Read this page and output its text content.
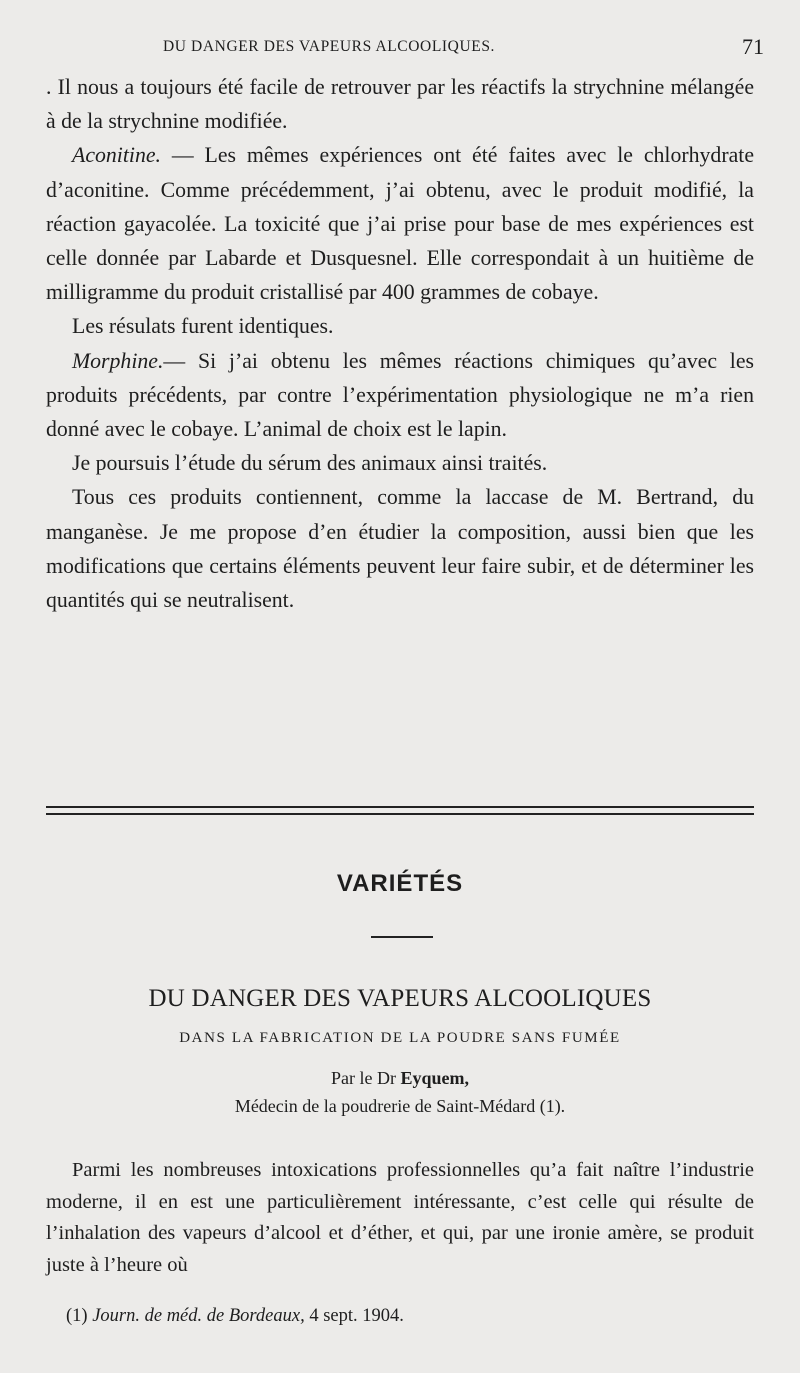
DU DANGER DES VAPEURS ALCOOLIQUES.	71

. Il nous a toujours été facile de retrouver par les réactifs la strychnine mélangée à de la strychnine modifiée.

Aconitine. — Les mêmes expériences ont été faites avec le chlorhydrate d’aconitine. Comme précédemment, j’ai obtenu, avec le produit modifié, la réaction gayacolée. La toxicité que j’ai prise pour base de mes expériences est celle donnée par Labarde et Dusquesnel. Elle correspondait à un huitième de milligramme du produit cristallisé par 400 grammes de cobaye.

Les résulats furent identiques.

Morphine.— Si j’ai obtenu les mêmes réactions chimiques qu’avec les produits précédents, par contre l’expérimentation physiologique ne m’a rien donné avec le cobaye. L’animal de choix est le lapin.

Je poursuis l’étude du sérum des animaux ainsi traités.

Tous ces produits contiennent, comme la laccase de M. Bertrand, du manganèse. Je me propose d’en étudier la composition, aussi bien que les modifications que certains éléments peuvent leur faire subir, et de déterminer les quantités qui se neutralisent.

VARIÉTÉS
DU DANGER DES VAPEURS ALCOOLIQUES
DANS LA FABRICATION DE LA POUDRE SANS FUMÉE
Par le Dr Eyquem,
Médecin de la poudrerie de Saint-Médard (1).

Parmi les nombreuses intoxications professionnelles qu’a fait naître l’industrie moderne, il en est une particulièrement intéressante, c’est celle qui résulte de l’inhalation des vapeurs d’alcool et d’éther, et qui, par une ironie amère, se produit juste à l’heure où

(1) Journ. de méd. de Bordeaux, 4 sept. 1904.
